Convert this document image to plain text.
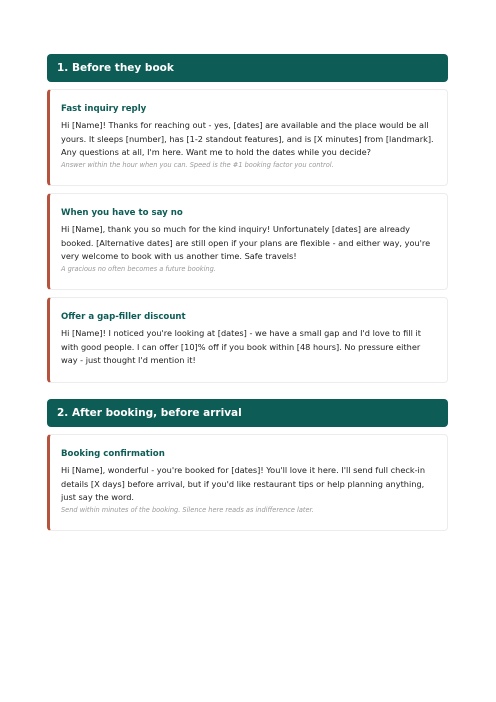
1. Before they book
Fast inquiry reply
Hi [Name]! Thanks for reaching out - yes, [dates] are available and the place would be all yours. It sleeps [number], has [1-2 standout features], and is [X minutes] from [landmark]. Any questions at all, I'm here. Want me to hold the dates while you decide?
Answer within the hour when you can. Speed is the #1 booking factor you control.
When you have to say no
Hi [Name], thank you so much for the kind inquiry! Unfortunately [dates] are already booked. [Alternative dates] are still open if your plans are flexible - and either way, you're very welcome to book with us another time. Safe travels!
A gracious no often becomes a future booking.
Offer a gap-filler discount
Hi [Name]! I noticed you're looking at [dates] - we have a small gap and I'd love to fill it with good people. I can offer [10]% off if you book within [48 hours]. No pressure either way - just thought I'd mention it!
2. After booking, before arrival
Booking confirmation
Hi [Name], wonderful - you're booked for [dates]! You'll love it here. I'll send full check-in details [X days] before arrival, but if you'd like restaurant tips or help planning anything, just say the word.
Send within minutes of the booking. Silence here reads as indifference later.
